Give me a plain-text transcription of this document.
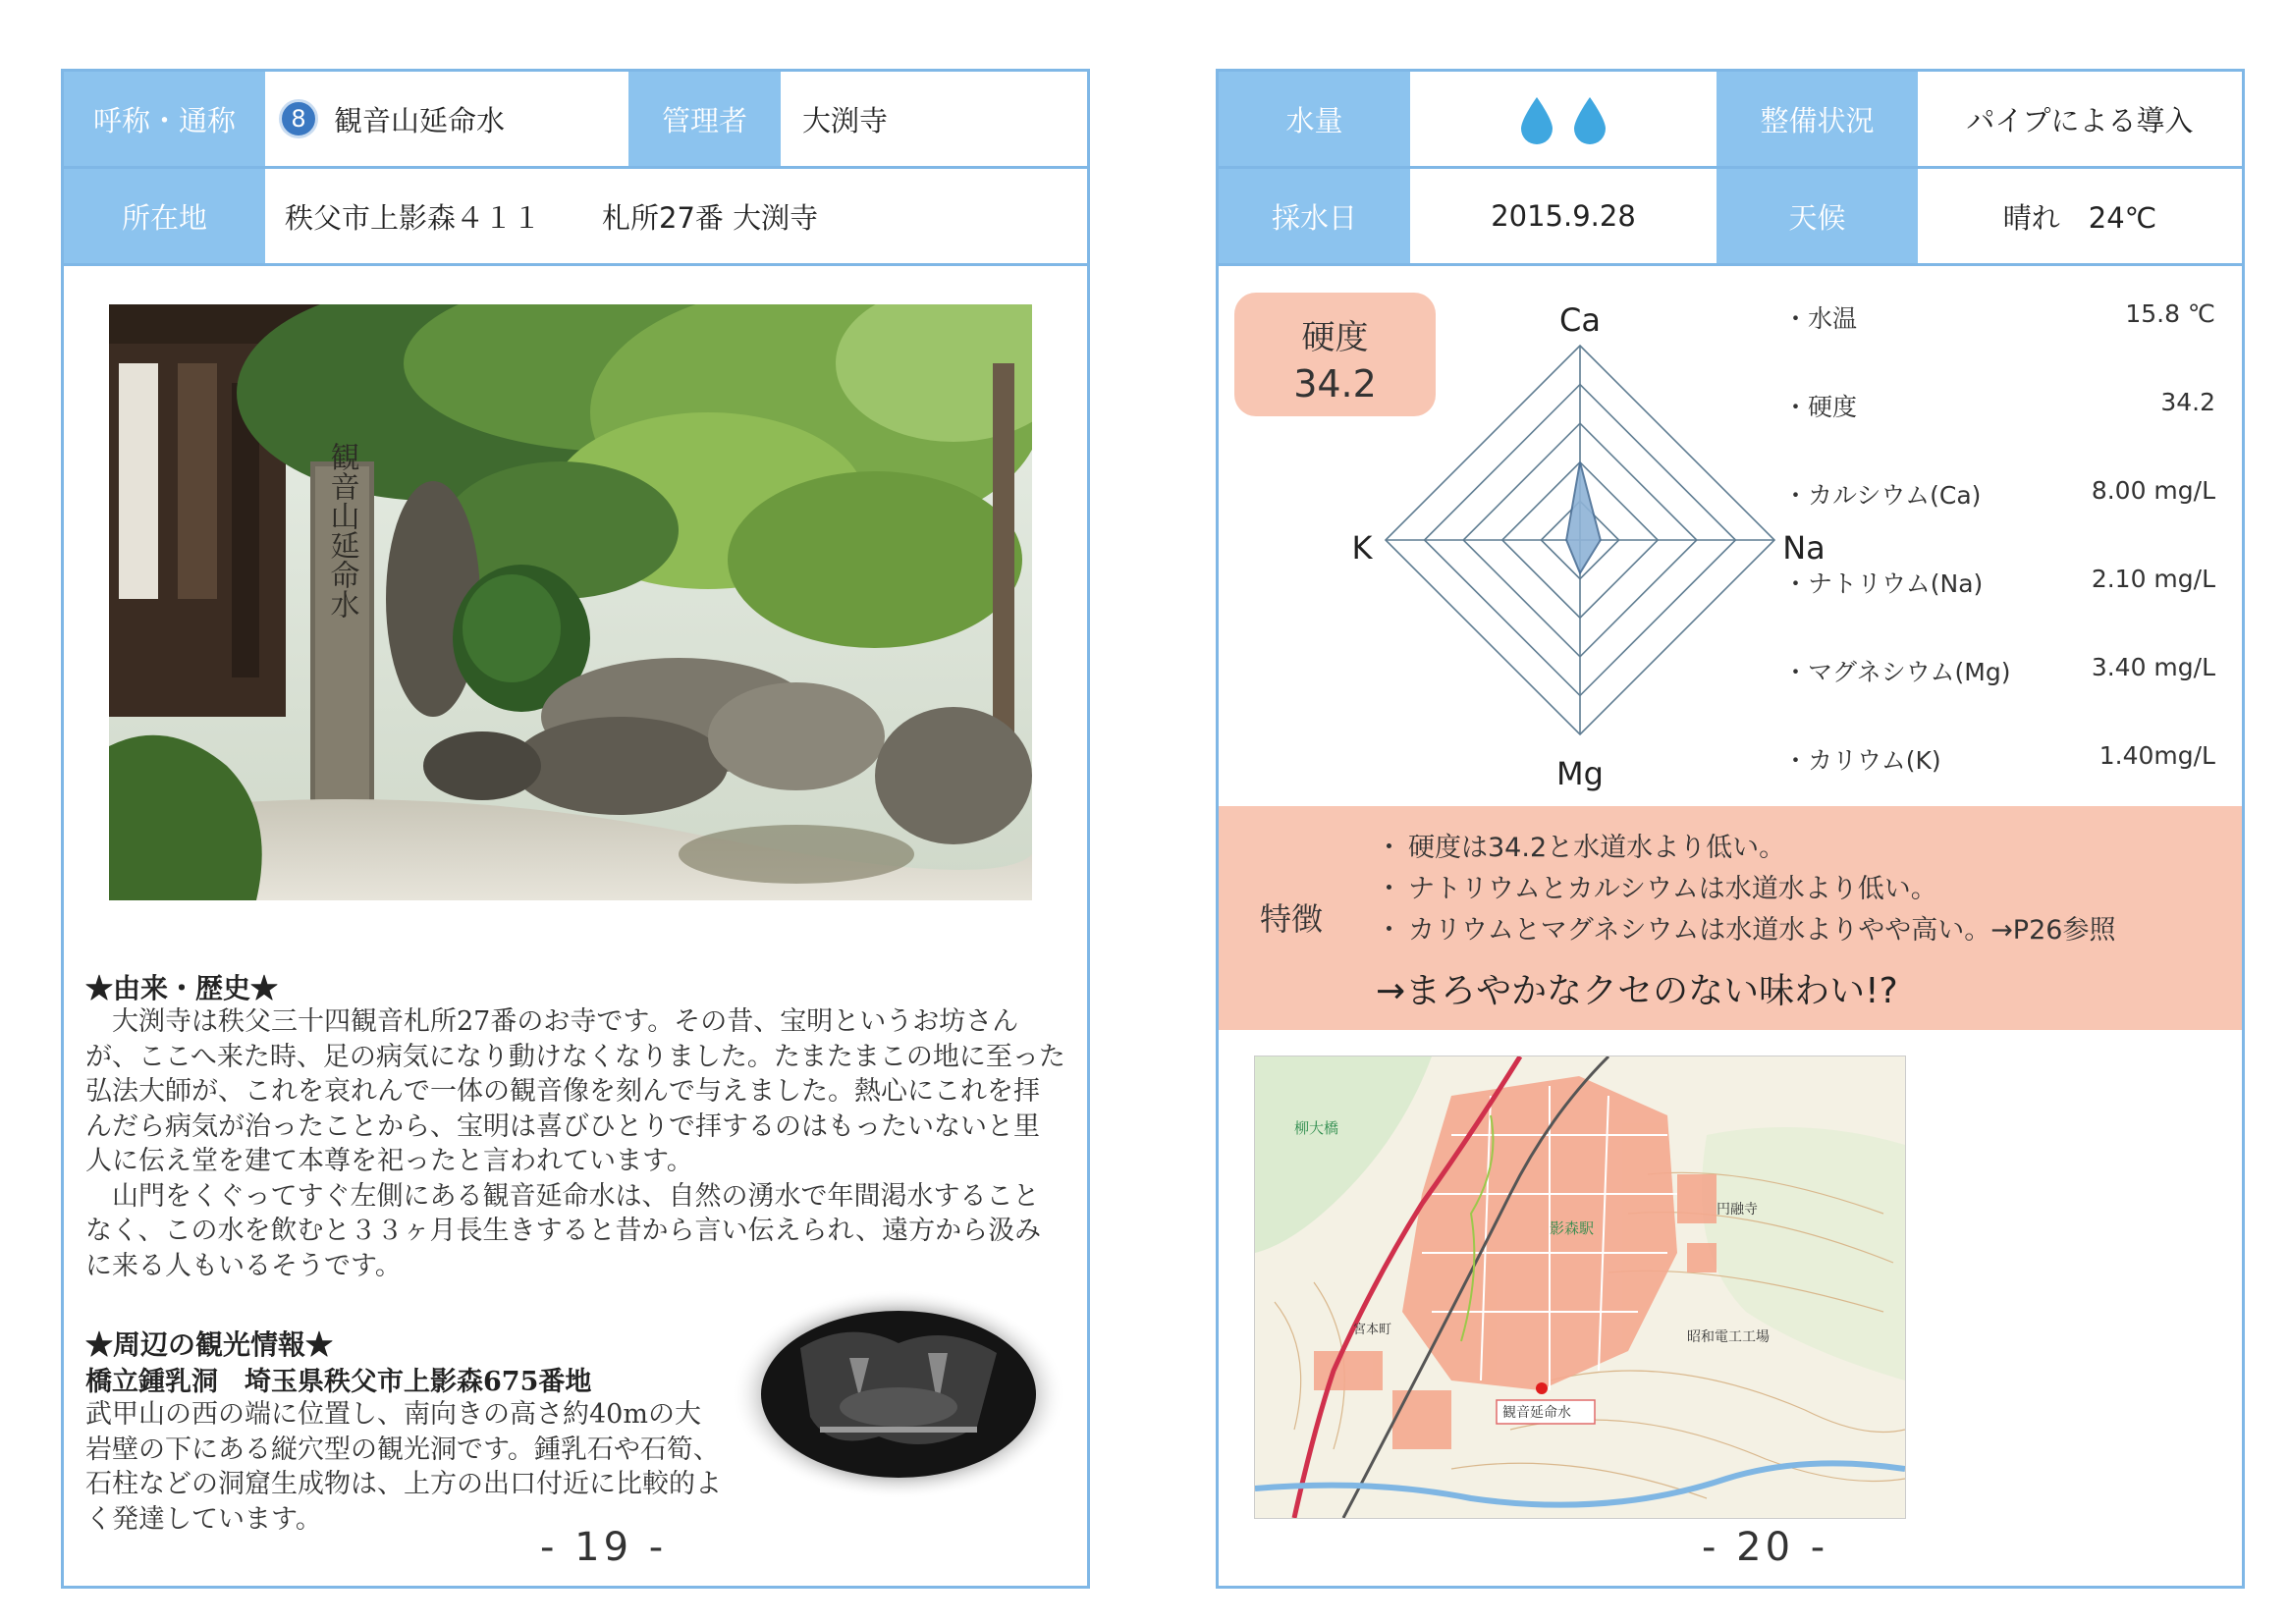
呼称・通称	8 観音山延命水	管理者	大渕寺
所在地	秩父市上影森４１１ 札所27番 大渕寺
観音山延命水
★由来・歴史★

大渕寺は秩父三十四観音札所27番のお寺です。その昔、宝明というお坊さんが、ここへ来た時、足の病気になり動けなくなりました。たまたまこの地に至った弘法大師が、これを哀れんで一体の観音像を刻んで与えました。熱心にこれを拝んだら病気が治ったことから、宝明は喜びひとりで拝するのはもったいないと里人に伝え堂を建て本尊を祀ったと言われています。

山門をくぐってすぐ左側にある観音延命水は、自然の湧水で年間渇水することなく、この水を飲むと３３ヶ月長生きすると昔から言い伝えられ、遠方から汲みに来る人もいるそうです。

★周辺の観光情報★
橋立鍾乳洞　埼玉県秩父市上影森675番地
武甲山の西の端に位置し、南向きの高さ約40mの大岩壁の下にある縦穴型の観光洞です。鍾乳石や石筍、石柱などの洞窟生成物は、上方の出口付近に比較的よく発達しています。
- 19 -
水量	整備状況	パイプによる導入
採水日	2015.9.28	天候	晴れ　24℃
硬度
34.2
Ca
Na
Mg
K
・水温	15.8 ℃
・硬度	34.2
・カルシウム(Ca)	8.00 mg/L
・ナトリウム(Na)	2.10 mg/L
・マグネシウム(Mg)	3.40 mg/L
・カリウム(K)	1.40mg/L
特徴
・ 硬度は34.2と水道水より低い。
・ ナトリウムとカルシウムは水道水より低い。
・ カリウムとマグネシウムは水道水よりやや高い。→P26参照
→まろやかなクセのない味わい!?
柳大橋
影森駅
円融寺
昭和電工工場
宮本町
観音延命水
- 20 -
